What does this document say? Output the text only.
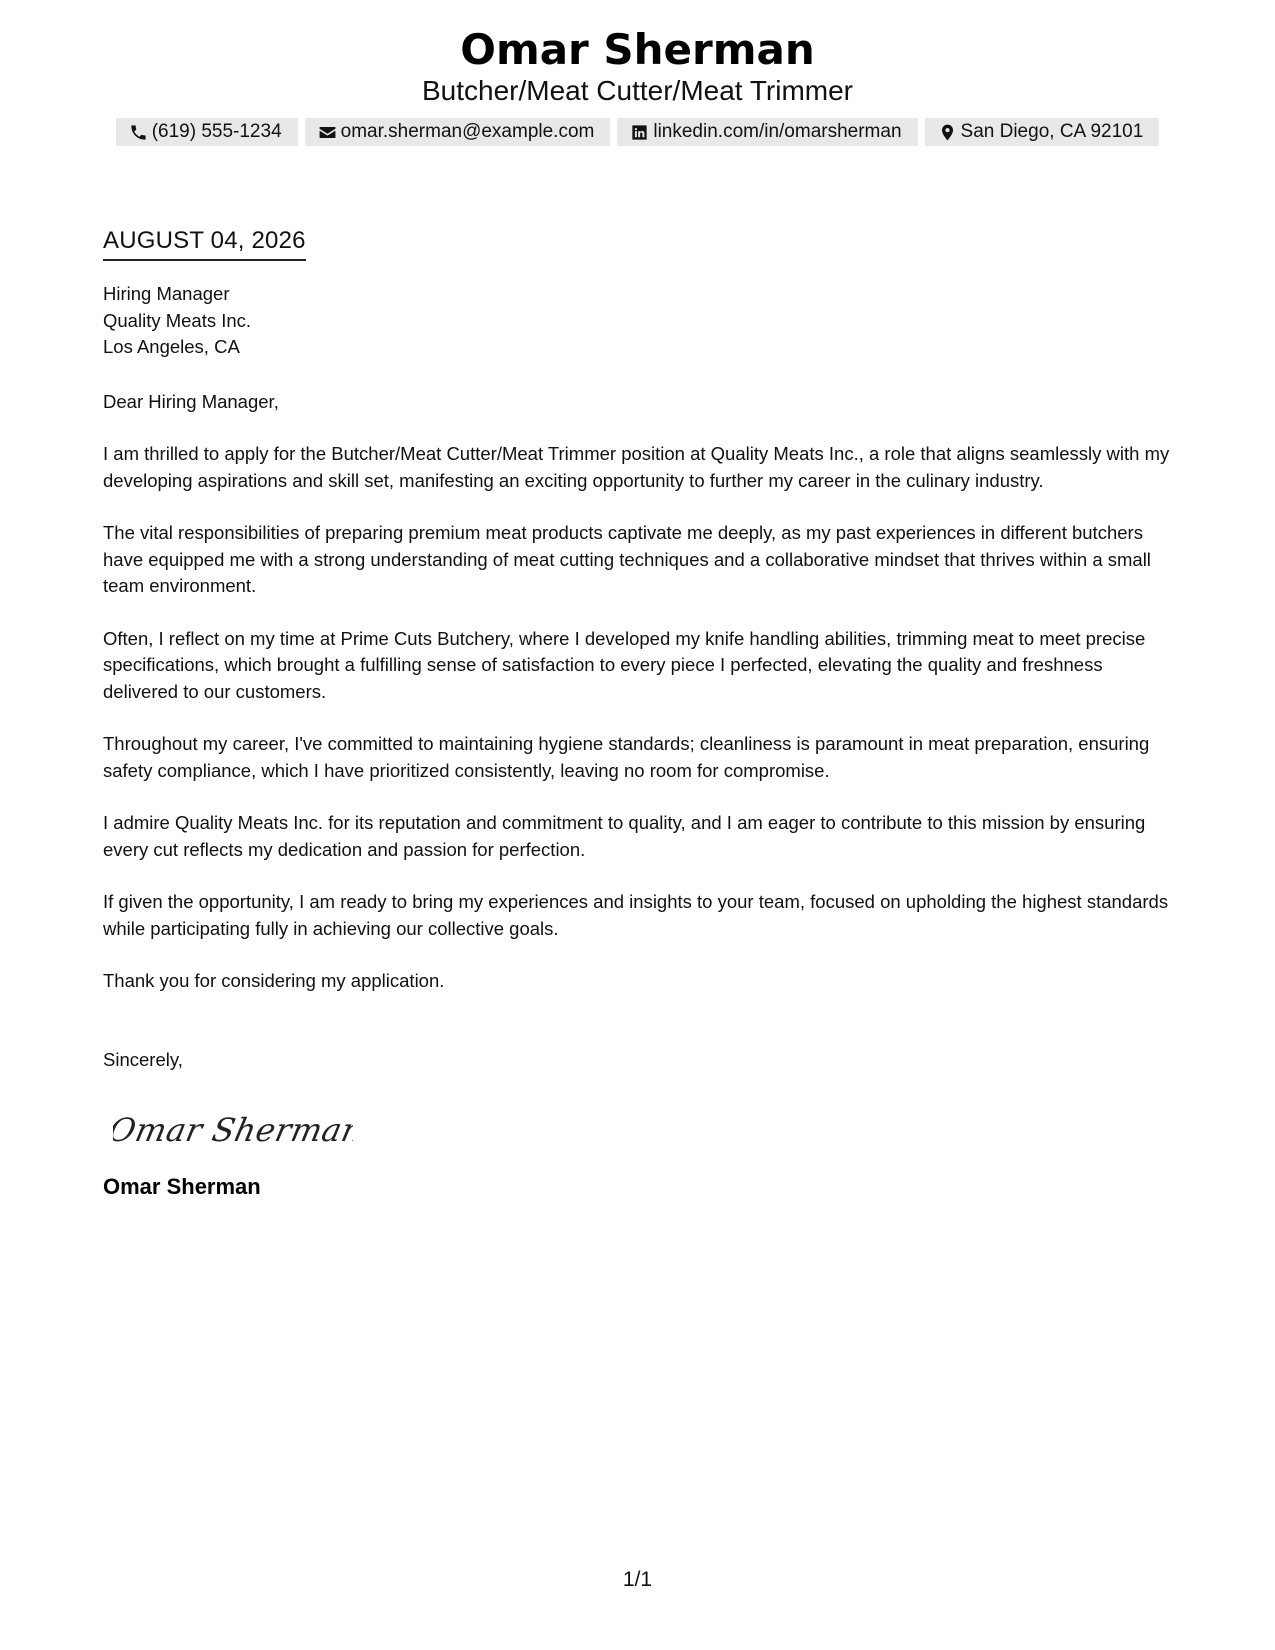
Omar Sherman
Butcher/Meat Cutter/Meat Trimmer
(619) 555-1234	omar.sherman@example.com	linkedin.com/in/omarsherman	San Diego, CA 92101
AUGUST 04, 2026
Hiring Manager
Quality Meats Inc.
Los Angeles, CA
Dear Hiring Manager,
I am thrilled to apply for the Butcher/Meat Cutter/Meat Trimmer position at Quality Meats Inc., a role that aligns seamlessly with my developing aspirations and skill set, manifesting an exciting opportunity to further my career in the culinary industry.
The vital responsibilities of preparing premium meat products captivate me deeply, as my past experiences in different butchers have equipped me with a strong understanding of meat cutting techniques and a collaborative mindset that thrives within a small team environment.
Often, I reflect on my time at Prime Cuts Butchery, where I developed my knife handling abilities, trimming meat to meet precise specifications, which brought a fulfilling sense of satisfaction to every piece I perfected, elevating the quality and freshness delivered to our customers.
Throughout my career, I've committed to maintaining hygiene standards; cleanliness is paramount in meat preparation, ensuring safety compliance, which I have prioritized consistently, leaving no room for compromise.
I admire Quality Meats Inc. for its reputation and commitment to quality, and I am eager to contribute to this mission by ensuring every cut reflects my dedication and passion for perfection.
If given the opportunity, I am ready to bring my experiences and insights to your team, focused on upholding the highest standards while participating fully in achieving our collective goals.
Thank you for considering my application.
Sincerely,
Omar Sherman
Omar Sherman
1/1
